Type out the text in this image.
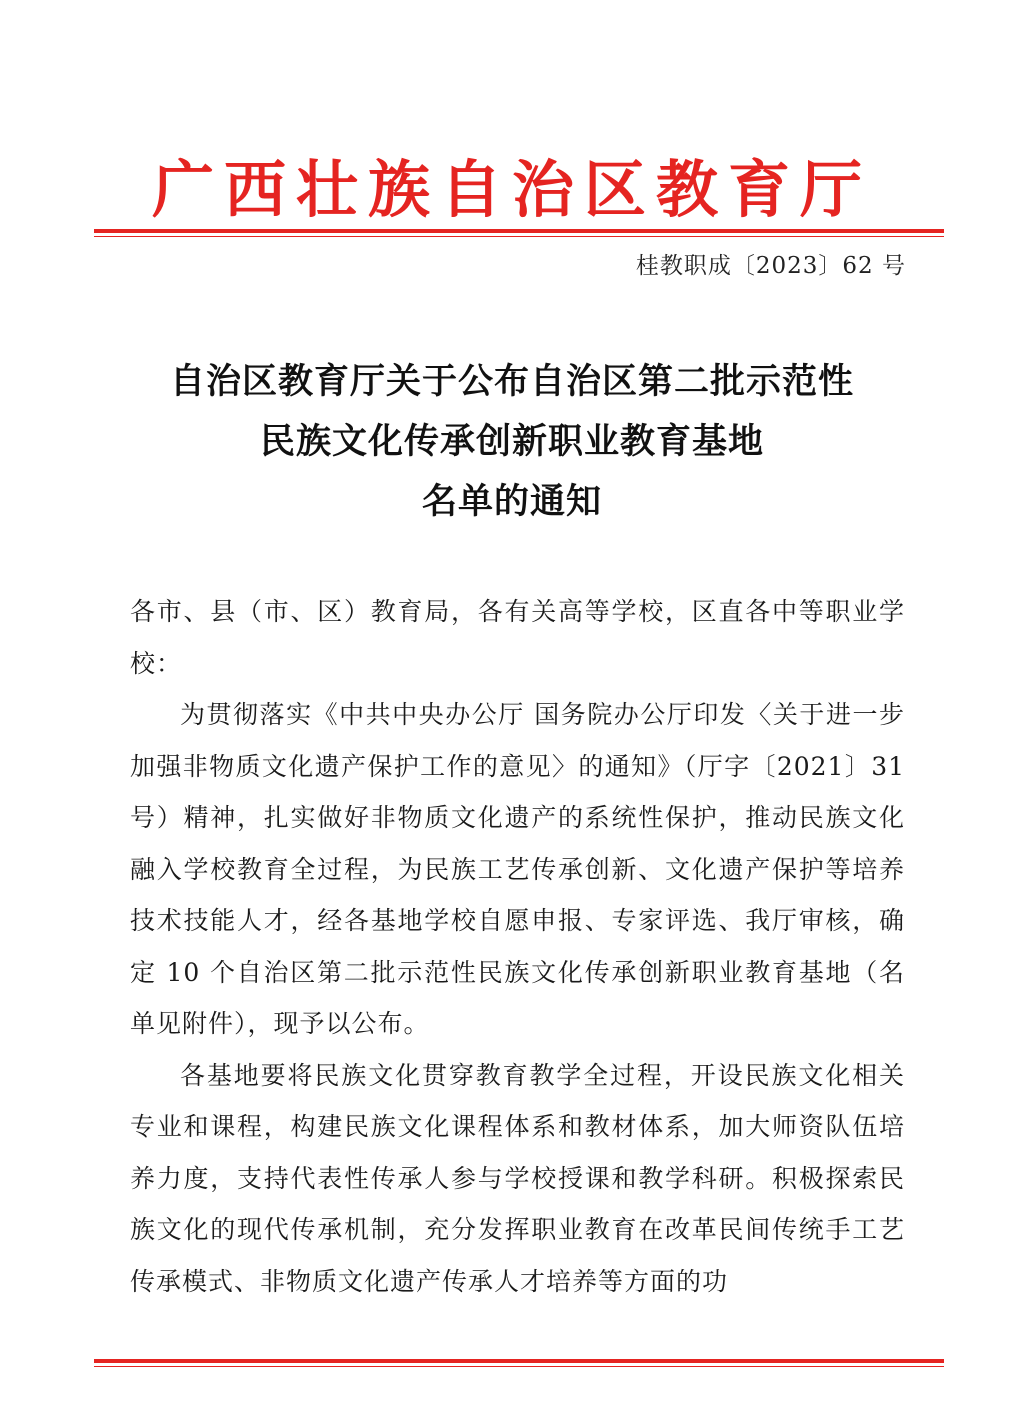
广西壮族自治区教育厅
桂教职成〔2023〕62 号
自治区教育厅关于公布自治区第二批示范性
民族文化传承创新职业教育基地
名单的通知

各市、县（市、区）教育局，各有关高等学校，区直各中等职业学校：

为贯彻落实《中共中央办公厅 国务院办公厅印发〈关于进一步加强非物质文化遗产保护工作的意见〉的通知》（厅字〔2021〕31 号）精神，扎实做好非物质文化遗产的系统性保护，推动民族文化融入学校教育全过程，为民族工艺传承创新、文化遗产保护等培养技术技能人才，经各基地学校自愿申报、专家评选、我厅审核，确定 10 个自治区第二批示范性民族文化传承创新职业教育基地（名单见附件），现予以公布。

各基地要将民族文化贯穿教育教学全过程，开设民族文化相关专业和课程，构建民族文化课程体系和教材体系，加大师资队伍培养力度，支持代表性传承人参与学校授课和教学科研。积极探索民族文化的现代传承机制，充分发挥职业教育在改革民间传统手工艺传承模式、非物质文化遗产传承人才培养等方面的功
